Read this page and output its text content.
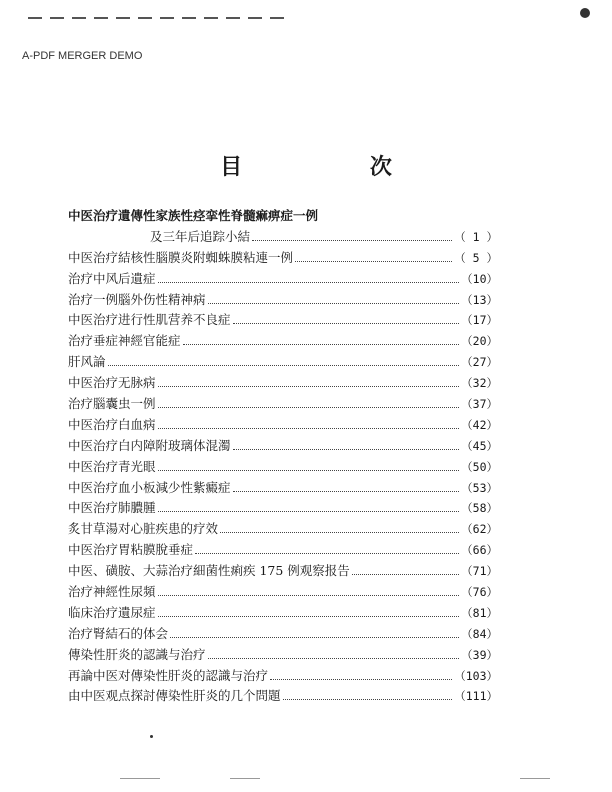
A-PDF MERGER DEMO
目 次
中医治疗遺傳性家族性痉挛性脊髓痲痹症一例
及三年后追踪小結	（ 1 ）
中医治疗結核性腦膜炎附蜘蛛膜粘連一例	（ 5 ）
治疗中风后遺症	（10）
治疗一例腦外伤性精神病	（13）
中医治疗进行性肌营养不良症	（17）
治疗垂症神經官能症	（20）
肝风論	（27）
中医治疗无脉病	（32）
治疗腦囊虫一例	（37）
中医治疗白血病	（42）
中医治疗白内障附玻璃体混濁	（45）
中医治疗青光眼	（50）
中医治疗血小板減少性紫癜症	（53）
中医治疗肺膿腫	（58）
炙甘草湯对心脏疾患的疗效	（62）
中医治疗胃粘膜脫垂症	（66）
中医、磺胺、大蒜治疗細菌性痢疾 175 例观察报告	（71）
治疗神經性尿頻	（76）
临床治疗遺尿症	（81）
治疗腎結石的体会	（84）
傳染性肝炎的認識与治疗	（39）
再論中医对傳染性肝炎的認識与治疗	（103）
由中医观点探討傳染性肝炎的几个問題	（111）
